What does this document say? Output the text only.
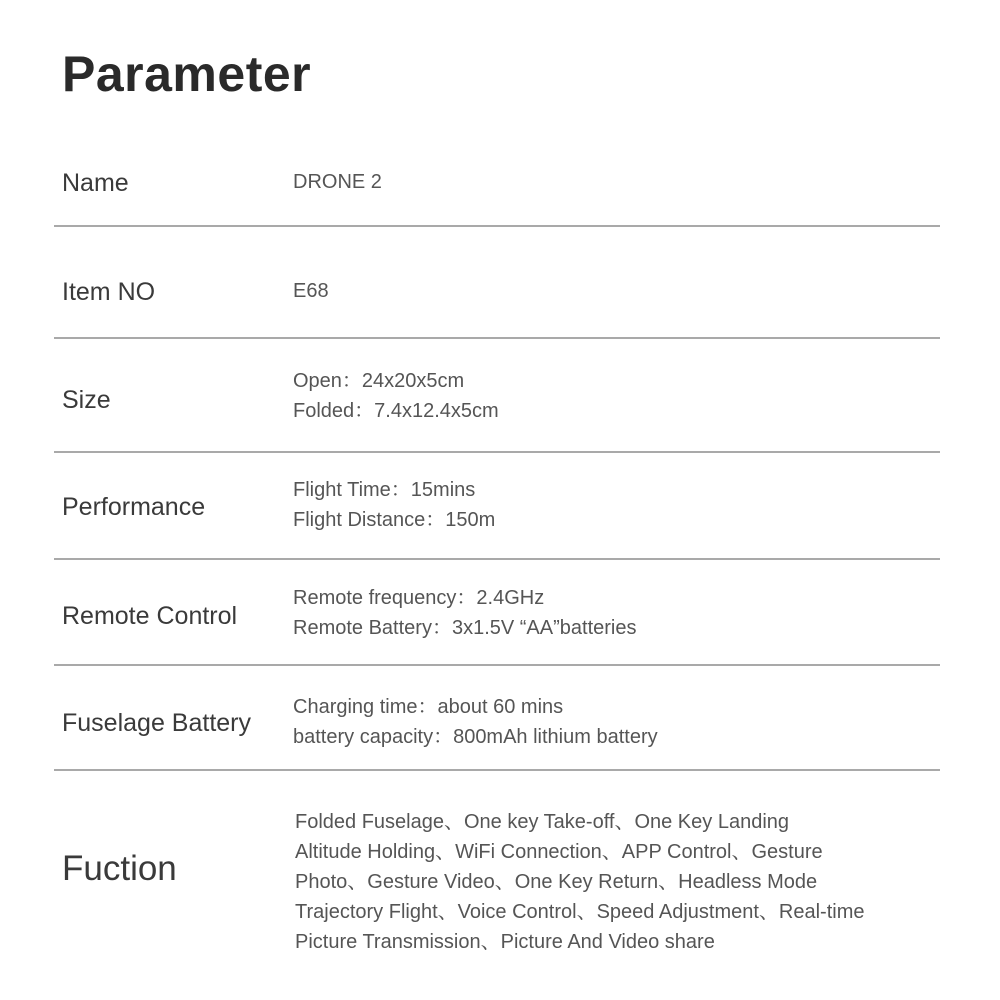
Parameter
Name	DRONE 2
Item NO	E68
Size
Open：24x20x5cm
Folded：7.4x12.4x5cm
Performance
Flight Time：15mins
Flight Distance：150m
Remote Control
Remote frequency：2.4GHz
Remote Battery：3x1.5V “AA”batteries
Fuselage Battery
Charging time：about 60 mins
battery capacity：800mAh lithium battery
Fuction
Folded Fuselage、One key Take-off、One Key Landing
Altitude Holding、WiFi Connection、APP Control、Gesture
Photo、Gesture Video、One Key Return、Headless Mode
Trajectory Flight、Voice Control、Speed Adjustment、Real-time
Picture Transmission、Picture And Video share
